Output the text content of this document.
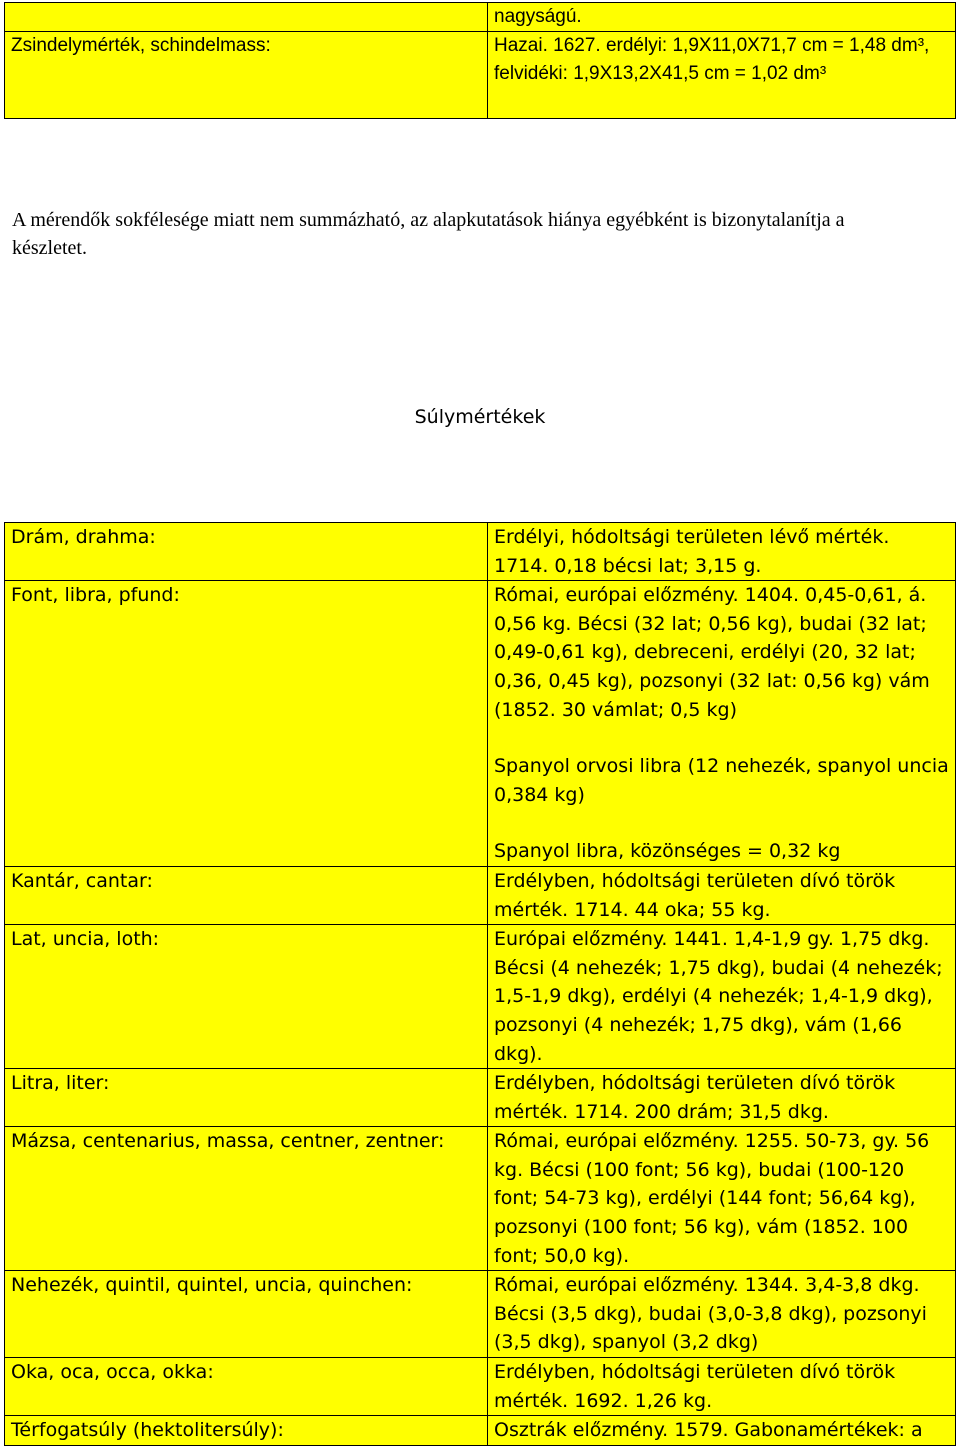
	nagyságú.
Zsindelymérték, schindelmass:	Hazai. 1627. erdélyi: 1,9X11,0X71,7 cm = 1,48 dm³, felvidéki: 1,9X13,2X41,5 cm = 1,02 dm³
A mérendők sokfélesége miatt nem summázható, az alapkutatások hiánya egyébként is bizonytalanítja a készletet.
Súlymértékek
Drám, drahma:	Erdélyi, hódoltsági területen lévő mérték. 1714. 0,18 bécsi lat; 3,15 g.

Font, libra, pfund:	Római, európai előzmény. 1404. 0,45-0,61, á. 0,56 kg. Bécsi (32 lat; 0,56 kg), budai (32 lat; 0,49-0,61 kg), debreceni, erdélyi (20, 32 lat; 0,36, 0,45 kg), pozsonyi (32 lat: 0,56 kg) vám (1852. 30 vámlat; 0,5 kg)
Spanyol orvosi libra (12 nehezék, spanyol uncia 0,384 kg)
Spanyol libra, közönséges = 0,32 kg

Kantár, cantar:	Erdélyben, hódoltsági területen dívó török mérték. 1714. 44 oka; 55 kg.

Lat, uncia, loth:	Európai előzmény. 1441. 1,4-1,9 gy. 1,75 dkg. Bécsi (4 nehezék; 1,75 dkg), budai (4 nehezék; 1,5-1,9 dkg), erdélyi (4 nehezék; 1,4-1,9 dkg), pozsonyi (4 nehezék; 1,75 dkg), vám (1,66 dkg).

Litra, liter:	Erdélyben, hódoltsági területen dívó török mérték. 1714. 200 drám; 31,5 dkg.

Mázsa, centenarius, massa, centner, zentner:	Római, európai előzmény. 1255. 50-73, gy. 56 kg. Bécsi (100 font; 56 kg), budai (100-120 font; 54-73 kg), erdélyi (144 font; 56,64 kg), pozsonyi (100 font; 56 kg), vám (1852. 100 font; 50,0 kg).

Nehezék, quintil, quintel, uncia, quinchen:	Római, európai előzmény. 1344. 3,4-3,8 dkg. Bécsi (3,5 dkg), budai (3,0-3,8 dkg), pozsonyi (3,5 dkg), spanyol (3,2 dkg)

Oka, oca, occa, okka:	Erdélyben, hódoltsági területen dívó török mérték. 1692. 1,26 kg.

Térfogatsúly (hektolitersúly):	Osztrák előzmény. 1579. Gabonamértékek: a
